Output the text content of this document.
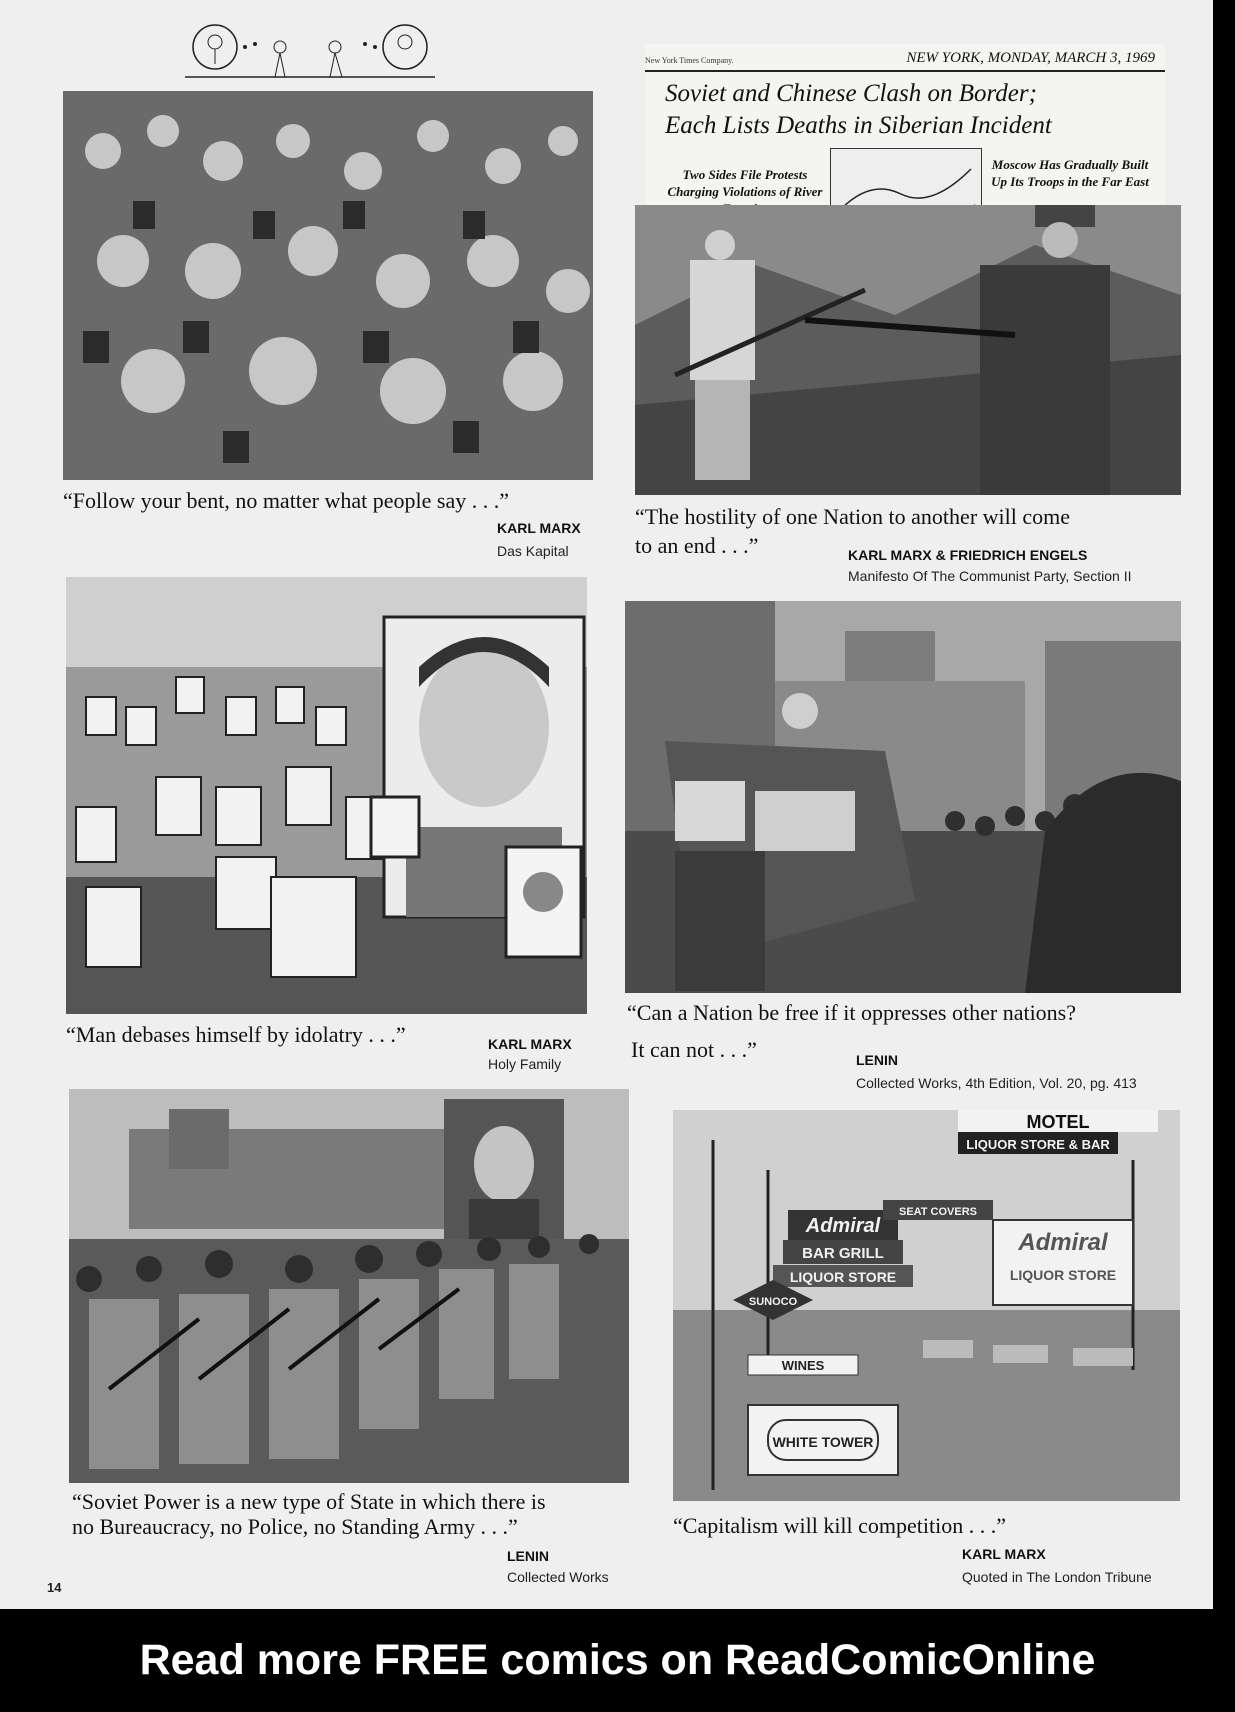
“Follow your bent, no matter what people say . . .”
KARL MARX
Das Kapital
New York Times Company.	NEW YORK, MONDAY, MARCH 3, 1969
Soviet and Chinese Clash on Border;
Each Lists Deaths in Siberian Incident
Two Sides File Protests Charging Violations of River
Moscow Has Gradually Built Up Its Troops in the Far East
“The hostility of one Nation to another will come
to an end . . .”	KARL MARX & FRIEDRICH ENGELS
Manifesto Of The Communist Party, Section II
“Man debases himself by idolatry . . .”	KARL MARX
Holy Family
“Can a Nation be free if it oppresses other nations?
It can not . . .”	LENIN
Collected Works, 4th Edition, Vol. 20, pg. 413
“Soviet Power is a new type of State in which there is
no Bureaucracy, no Police, no Standing Army . . .”
LENIN
Collected Works
MOTEL
LIQUOR STORE & BAR
Admiral
BAR GRILL
LIQUOR STORE
SEAT COVERS
Admiral
LIQUOR STORE
SUNOCO
WINES
WHITE TOWER
“Capitalism will kill competition . . .”
KARL MARX
Quoted in The London Tribune
14
Read more FREE comics on ReadComicOnline
